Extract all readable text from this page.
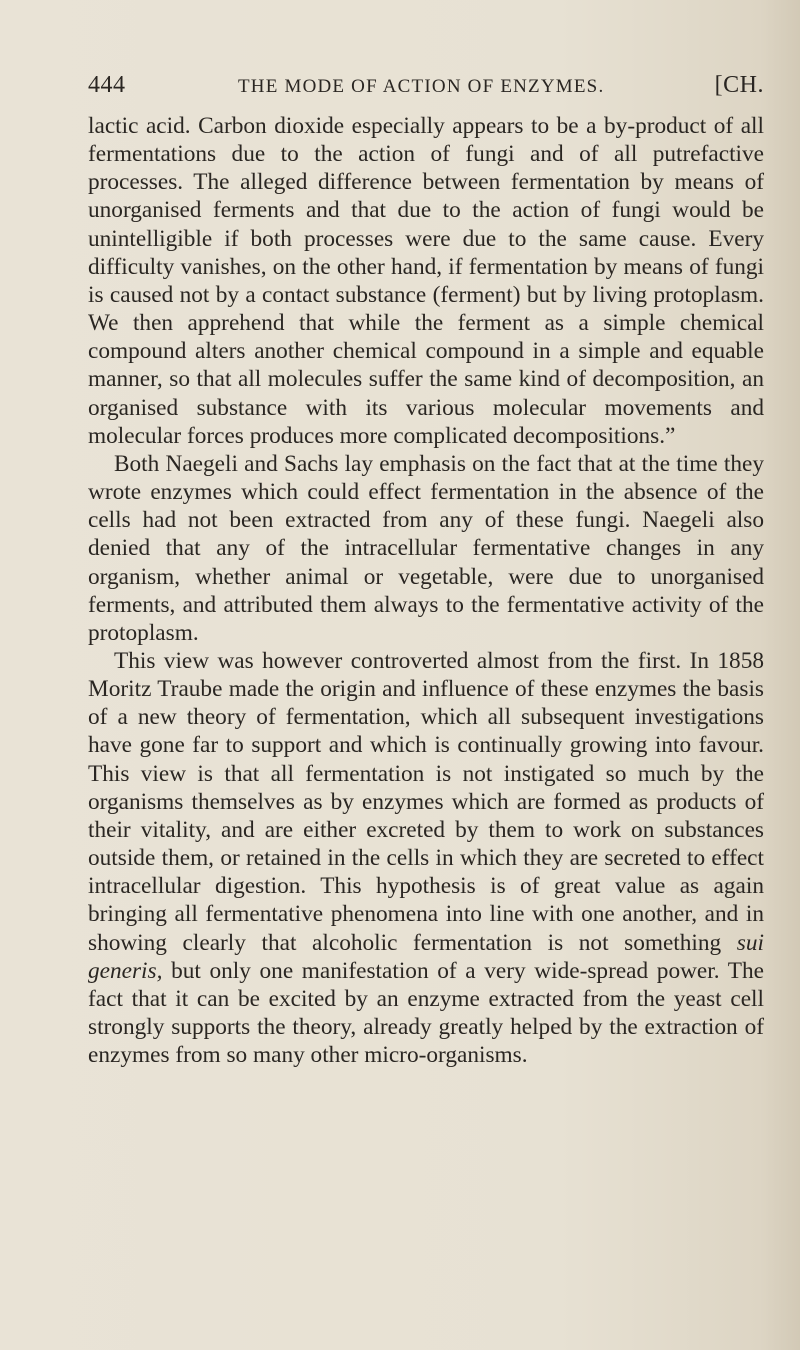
444	THE MODE OF ACTION OF ENZYMES.	[CH.

lactic acid. Carbon dioxide especially appears to be a by-product of all fermentations due to the action of fungi and of all putrefactive processes. The alleged difference between fermentation by means of unorganised ferments and that due to the action of fungi would be unintelligible if both processes were due to the same cause. Every difficulty vanishes, on the other hand, if fermentation by means of fungi is caused not by a contact substance (ferment) but by living protoplasm. We then apprehend that while the ferment as a simple chemical compound alters another chemical compound in a simple and equable manner, so that all molecules suffer the same kind of decomposition, an organised substance with its various molecular movements and molecular forces produces more complicated decompositions.”

Both Naegeli and Sachs lay emphasis on the fact that at the time they wrote enzymes which could effect fermentation in the absence of the cells had not been extracted from any of these fungi. Naegeli also denied that any of the intracellular fermentative changes in any organism, whether animal or vegetable, were due to unorganised ferments, and attributed them always to the fermentative activity of the protoplasm.

This view was however controverted almost from the first. In 1858 Moritz Traube made the origin and influence of these enzymes the basis of a new theory of fermentation, which all subsequent investigations have gone far to support and which is continually growing into favour. This view is that all fermentation is not instigated so much by the organisms themselves as by enzymes which are formed as products of their vitality, and are either excreted by them to work on substances outside them, or retained in the cells in which they are secreted to effect intracellular digestion. This hypothesis is of great value as again bringing all fermentative phenomena into line with one another, and in showing clearly that alcoholic fermentation is not something sui generis, but only one manifestation of a very wide-spread power. The fact that it can be excited by an enzyme extracted from the yeast cell strongly supports the theory, already greatly helped by the extraction of enzymes from so many other micro-organisms.
